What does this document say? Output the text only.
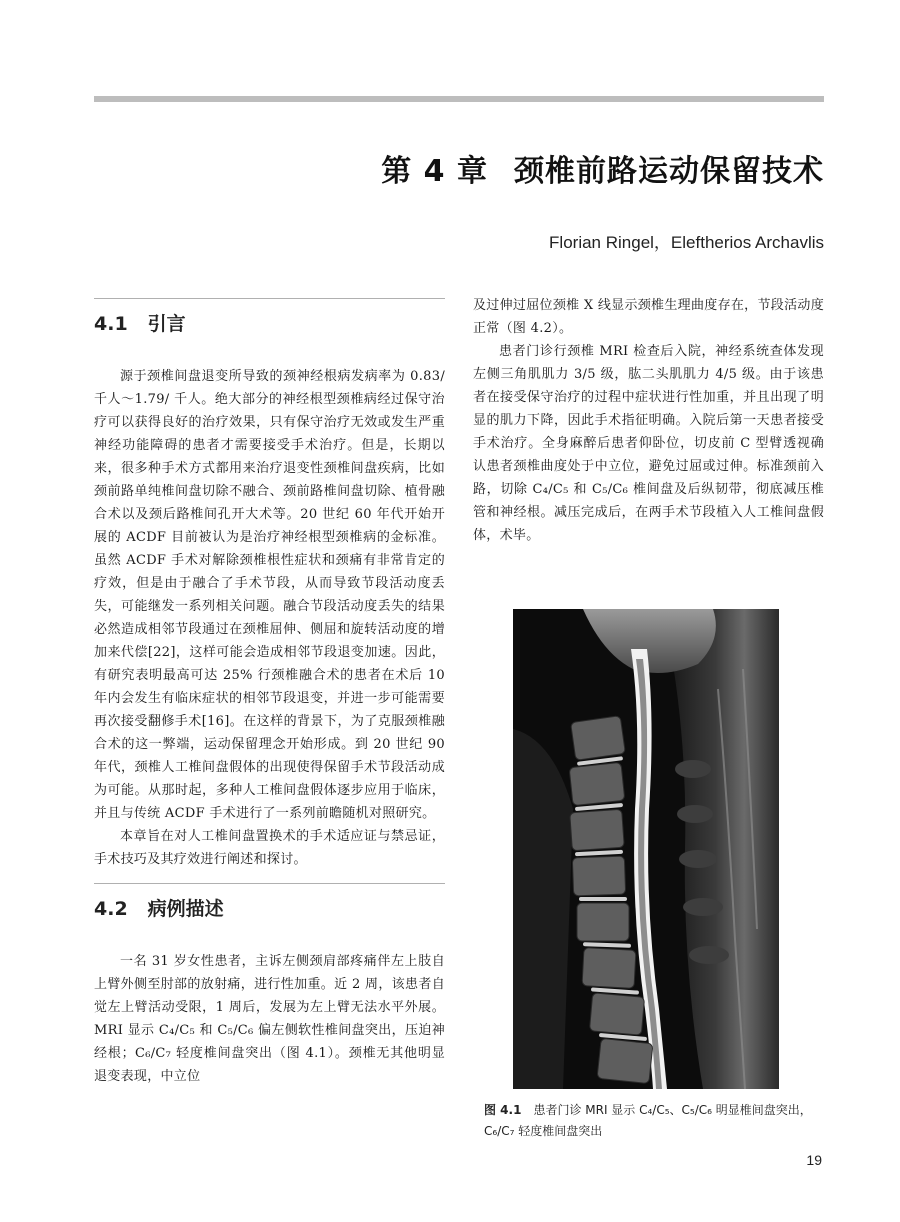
第 4 章 颈椎前路运动保留技术
Florian Ringel，Eleftherios Archavlis
4.1 引言

源于颈椎间盘退变所导致的颈神经根病发病率为 0.83/ 千人～1.79/ 千人。绝大部分的神经根型颈椎病经过保守治疗可以获得良好的治疗效果，只有保守治疗无效或发生严重神经功能障碍的患者才需要接受手术治疗。但是，长期以来，很多种手术方式都用来治疗退变性颈椎间盘疾病，比如颈前路单纯椎间盘切除不融合、颈前路椎间盘切除、植骨融合术以及颈后路椎间孔开大术等。20 世纪 60 年代开始开展的 ACDF 目前被认为是治疗神经根型颈椎病的金标准。虽然 ACDF 手术对解除颈椎根性症状和颈痛有非常肯定的疗效，但是由于融合了手术节段，从而导致节段活动度丢失，可能继发一系列相关问题。融合节段活动度丢失的结果必然造成相邻节段通过在颈椎屈伸、侧屈和旋转活动度的增加来代偿[22]，这样可能会造成相邻节段退变加速。因此，有研究表明最高可达 25% 行颈椎融合术的患者在术后 10 年内会发生有临床症状的相邻节段退变，并进一步可能需要再次接受翻修手术[16]。在这样的背景下，为了克服颈椎融合术的这一弊端，运动保留理念开始形成。到 20 世纪 90 年代，颈椎人工椎间盘假体的出现使得保留手术节段活动成为可能。从那时起，多种人工椎间盘假体逐步应用于临床，并且与传统 ACDF 手术进行了一系列前瞻随机对照研究。

本章旨在对人工椎间盘置换术的手术适应证与禁忌证，手术技巧及其疗效进行阐述和探讨。

4.2 病例描述

一名 31 岁女性患者，主诉左侧颈肩部疼痛伴左上肢自上臂外侧至肘部的放射痛，进行性加重。近 2 周，该患者自觉左上臂活动受限，1 周后，发展为左上臂无法水平外展。MRI 显示 C₄/C₅ 和 C₅/C₆ 偏左侧软性椎间盘突出，压迫神经根；C₆/C₇ 轻度椎间盘突出（图 4.1）。颈椎无其他明显退变表现，中立位

及过伸过屈位颈椎 X 线显示颈椎生理曲度存在，节段活动度正常（图 4.2）。

患者门诊行颈椎 MRI 检查后入院，神经系统查体发现左侧三角肌肌力 3/5 级，肱二头肌肌力 4/5 级。由于该患者在接受保守治疗的过程中症状进行性加重，并且出现了明显的肌力下降，因此手术指征明确。入院后第一天患者接受手术治疗。全身麻醉后患者仰卧位，切皮前 C 型臂透视确认患者颈椎曲度处于中立位，避免过屈或过伸。标准颈前入路，切除 C₄/C₅ 和 C₅/C₆ 椎间盘及后纵韧带，彻底减压椎管和神经根。减压完成后，在两手术节段植入人工椎间盘假体，术毕。

图 4.1 患者门诊 MRI 显示 C₄/C₅、C₅/C₆ 明显椎间盘突出，C₆/C₇ 轻度椎间盘突出

19
